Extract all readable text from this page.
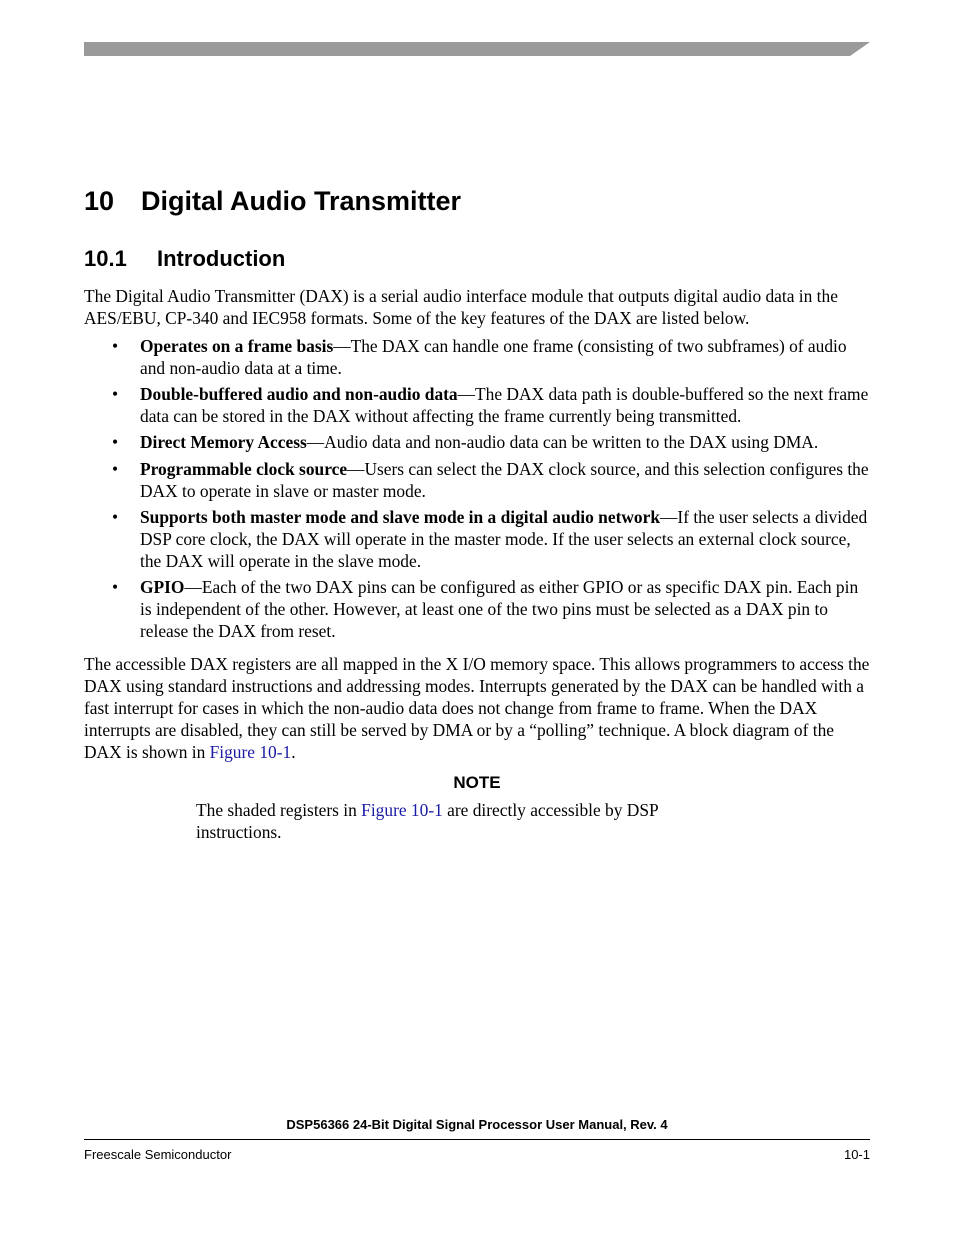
10 Digital Audio Transmitter
10.1 Introduction

The Digital Audio Transmitter (DAX) is a serial audio interface module that outputs digital audio data in the AES/EBU, CP-340 and IEC958 formats. Some of the key features of the DAX are listed below.

• Operates on a frame basis—The DAX can handle one frame (consisting of two subframes) of audio and non-audio data at a time.
• Double-buffered audio and non-audio data—The DAX data path is double-buffered so the next frame data can be stored in the DAX without affecting the frame currently being transmitted.
• Direct Memory Access—Audio data and non-audio data can be written to the DAX using DMA.
• Programmable clock source—Users can select the DAX clock source, and this selection configures the DAX to operate in slave or master mode.
• Supports both master mode and slave mode in a digital audio network—If the user selects a divided DSP core clock, the DAX will operate in the master mode. If the user selects an external clock source, the DAX will operate in the slave mode.
• GPIO—Each of the two DAX pins can be configured as either GPIO or as specific DAX pin. Each pin is independent of the other. However, at least one of the two pins must be selected as a DAX pin to release the DAX from reset.

The accessible DAX registers are all mapped in the X I/O memory space. This allows programmers to access the DAX using standard instructions and addressing modes. Interrupts generated by the DAX can be handled with a fast interrupt for cases in which the non-audio data does not change from frame to frame. When the DAX interrupts are disabled, they can still be served by DMA or by a “polling” technique. A block diagram of the DAX is shown in Figure 10-1.

NOTE

The shaded registers in Figure 10-1 are directly accessible by DSP instructions.

DSP56366 24-Bit Digital Signal Processor User Manual, Rev. 4
Freescale Semiconductor	10-1
